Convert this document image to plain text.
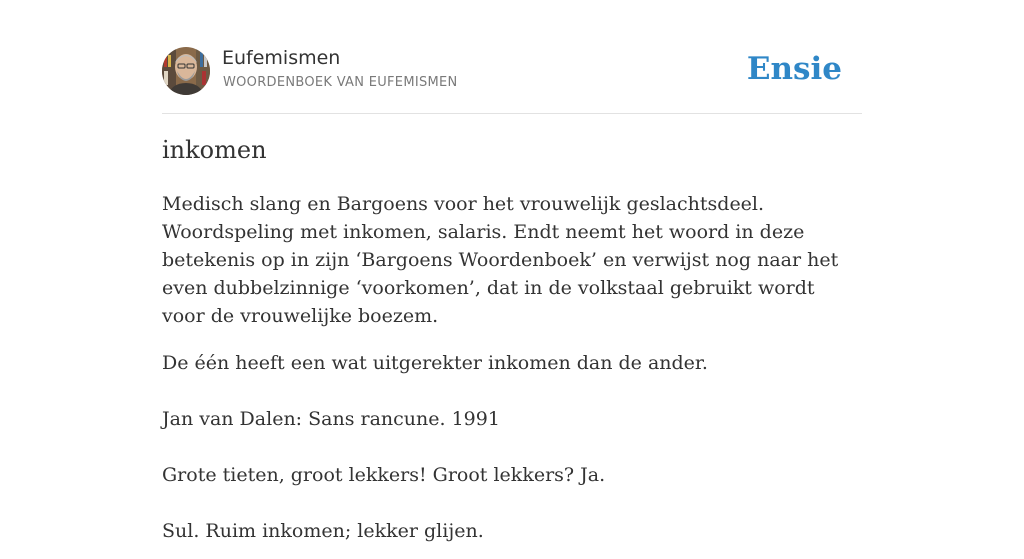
Eufemismen
WOORDENBOEK VAN EUFEMISMEN	Ensie
inkomen

Medisch slang en Bargoens voor het vrouwelijk geslachtsdeel. Woordspeling met inkomen, salaris. Endt neemt het woord in deze betekenis op in zijn ‘Bargoens Woordenboek’ en verwijst nog naar het even dubbelzinnige ‘voorkomen’, dat in de volkstaal gebruikt wordt voor de vrouwelijke boezem.

De één heeft een wat uitgerekter inkomen dan de ander.
Jan van Dalen: Sans rancune. 1991
Grote tieten, groot lekkers! Groot lekkers? Ja.
Sul. Ruim inkomen; lekker glijen.
